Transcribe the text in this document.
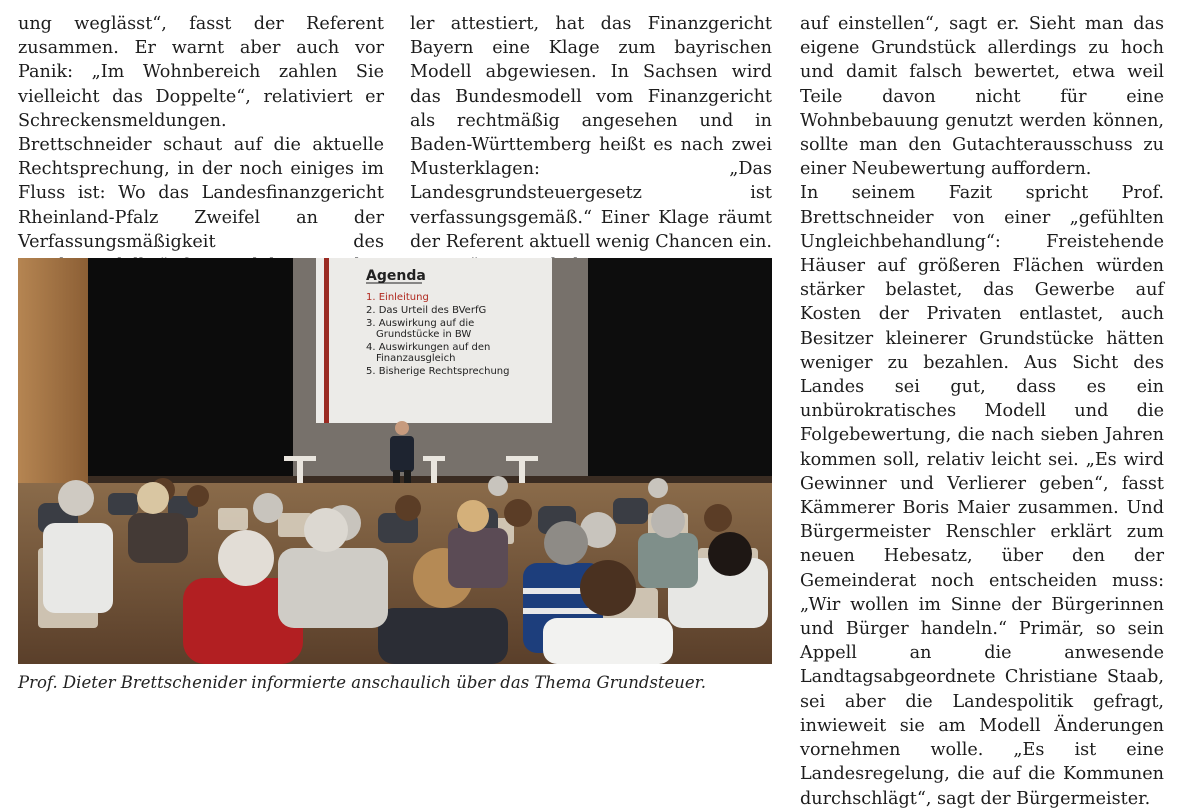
ung weglässt“, fasst der Referent zusammen. Er warnt aber auch vor Panik: „Im Wohnbereich zahlen Sie vielleicht das Doppelte“, relativiert er Schreckensmeldungen.

Brettschneider schaut auf die aktuelle Rechtsprechung, in der noch einiges im Fluss ist: Wo das Landesfinanzgericht Rheinland-Pfalz Zweifel an der Verfassungsmäßigkeit des

ler attestiert, hat das Finanzgericht Bayern eine Klage zum bayrischen Modell abgewiesen. In Sachsen wird das Bundesmodell vom Finanzgericht als rechtmäßig angesehen und in Baden-Württemberg heißt es nach zwei Musterklagen: „Das Landesgrundsteuergesetz ist verfassungsgemäß.“ Einer Klage räumt der Referent aktuell wenig Chancen ein.

auf einstellen“, sagt er. Sieht man das eigene Grundstück allerdings zu hoch und damit falsch bewertet, etwa weil Teile davon nicht für eine Wohnbebauung genutzt werden können, sollte man den Gutachterausschuss zu einer Neubewertung auffordern.

In seinem Fazit spricht Prof. Brettschneider von einer „gefühlten Ungleichbehandlung“: Freistehende Häuser auf größeren Flächen würden stärker belastet, das Gewerbe auf Kosten der Privaten entlastet, auch Besitzer kleinerer Grundstücke hätten weniger zu bezahlen. Aus Sicht des Landes sei gut, dass es ein unbürokratisches Modell und die Folgebewertung, die nach sieben Jahren kommen soll, relativ leicht sei. „Es wird Gewinner und Verlierer geben“, fasst Kämmerer Boris Maier zusammen. Und Bürgermeister Renschler erklärt zum neuen Hebesatz, über den der Gemeinderat noch entscheiden muss: „Wir wollen im Sinne der Bürgerinnen und Bürger handeln.“ Primär, so sein Appell an die anwesende Landtagsabgeordnete Christiane Staab, sei aber die Landespolitik gefragt, inwieweit sie am Modell Änderungen vornehmen wolle. „Es ist eine Landesregelung, die auf die Kommunen durchschlägt“, sagt der Bürgermeister.

Agenda
1. Einleitung
2. Das Urteil des BVerfG
3. Auswirkung auf die
Grundstücke in BW
4. Auswirkungen auf den
Finanzausgleich
5. Bisherige Rechtsprechung
Prof. Dieter Brettschenider informierte anschaulich über das Thema Grundsteuer.
